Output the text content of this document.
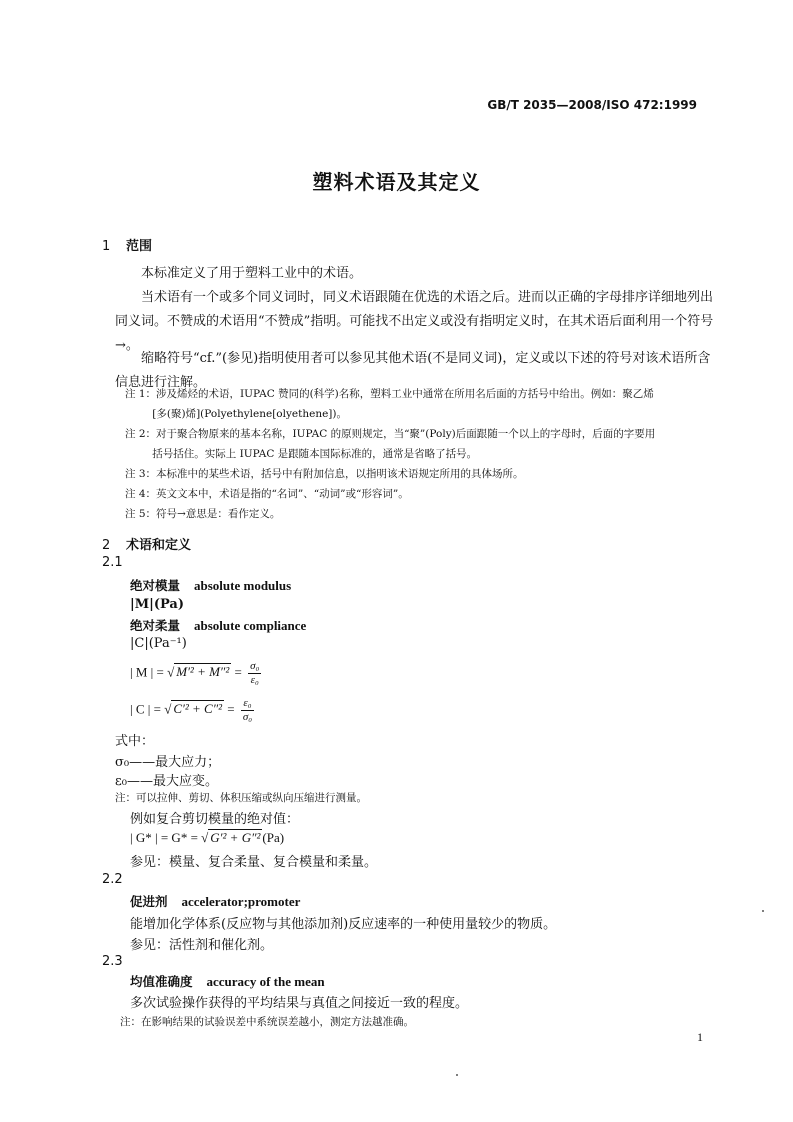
GB/T 2035—2008/ISO 472:1999
塑料术语及其定义
1 范围
本标准定义了用于塑料工业中的术语。
当术语有一个或多个同义词时，同义术语跟随在优选的术语之后。进而以正确的字母排序详细地列出同义词。不赞成的术语用“不赞成”指明。可能找不出定义或没有指明定义时，在其术语后面利用一个符号→。
缩略符号“cf.”(参见)指明使用者可以参见其他术语(不是同义词)，定义或以下述的符号对该术语所含信息进行注解。
注 1：涉及烯烃的术语，IUPAC 赞同的(科学)名称，塑料工业中通常在所用名后面的方括号中给出。例如：聚乙烯
[多(聚)烯](Polyethylene[olyethene])。
注 2：对于聚合物原来的基本名称，IUPAC 的原则规定，当“聚”(Poly)后面跟随一个以上的字母时，后面的字要用
括号括住。实际上 IUPAC 是跟随本国际标准的，通常是省略了括号。
注 3：本标准中的某些术语，括号中有附加信息，以指明该术语规定所用的具体场所。
注 4：英文文本中，术语是指的“名词”、“动词”或“形容词”。
注 5：符号→意思是：看作定义。
2 术语和定义
2.1
绝对模量 absolute modulus
|M|(Pa)
绝对柔量 absolute compliance
|C|(Pa⁻¹)
| M | = √ $M'^2 + M''^2 = \frac{\text{σ₀}}{\text{ε₀}}$
| C | = √ $C'^2 + C''^2 = \frac{\text{ε₀}}{\text{σ₀}}$
式中：
σ₀——最大应力；
ε₀——最大应变。
注：可以拉伸、剪切、体积压缩或纵向压缩进行测量。
例如复合剪切模量的绝对值：
| G* | = G* = √ G′² + G″² (Pa)
参见：模量、复合柔量、复合模量和柔量。
2.2
促进剂 accelerator;promoter
能增加化学体系(反应物与其他添加剂)反应速率的一种使用量较少的物质。
参见：活性剂和催化剂。
2.3
均值准确度 accuracy of the mean
多次试验操作获得的平均结果与真值之间接近一致的程度。
注：在影响结果的试验误差中系统误差越小，测定方法越准确。
1
